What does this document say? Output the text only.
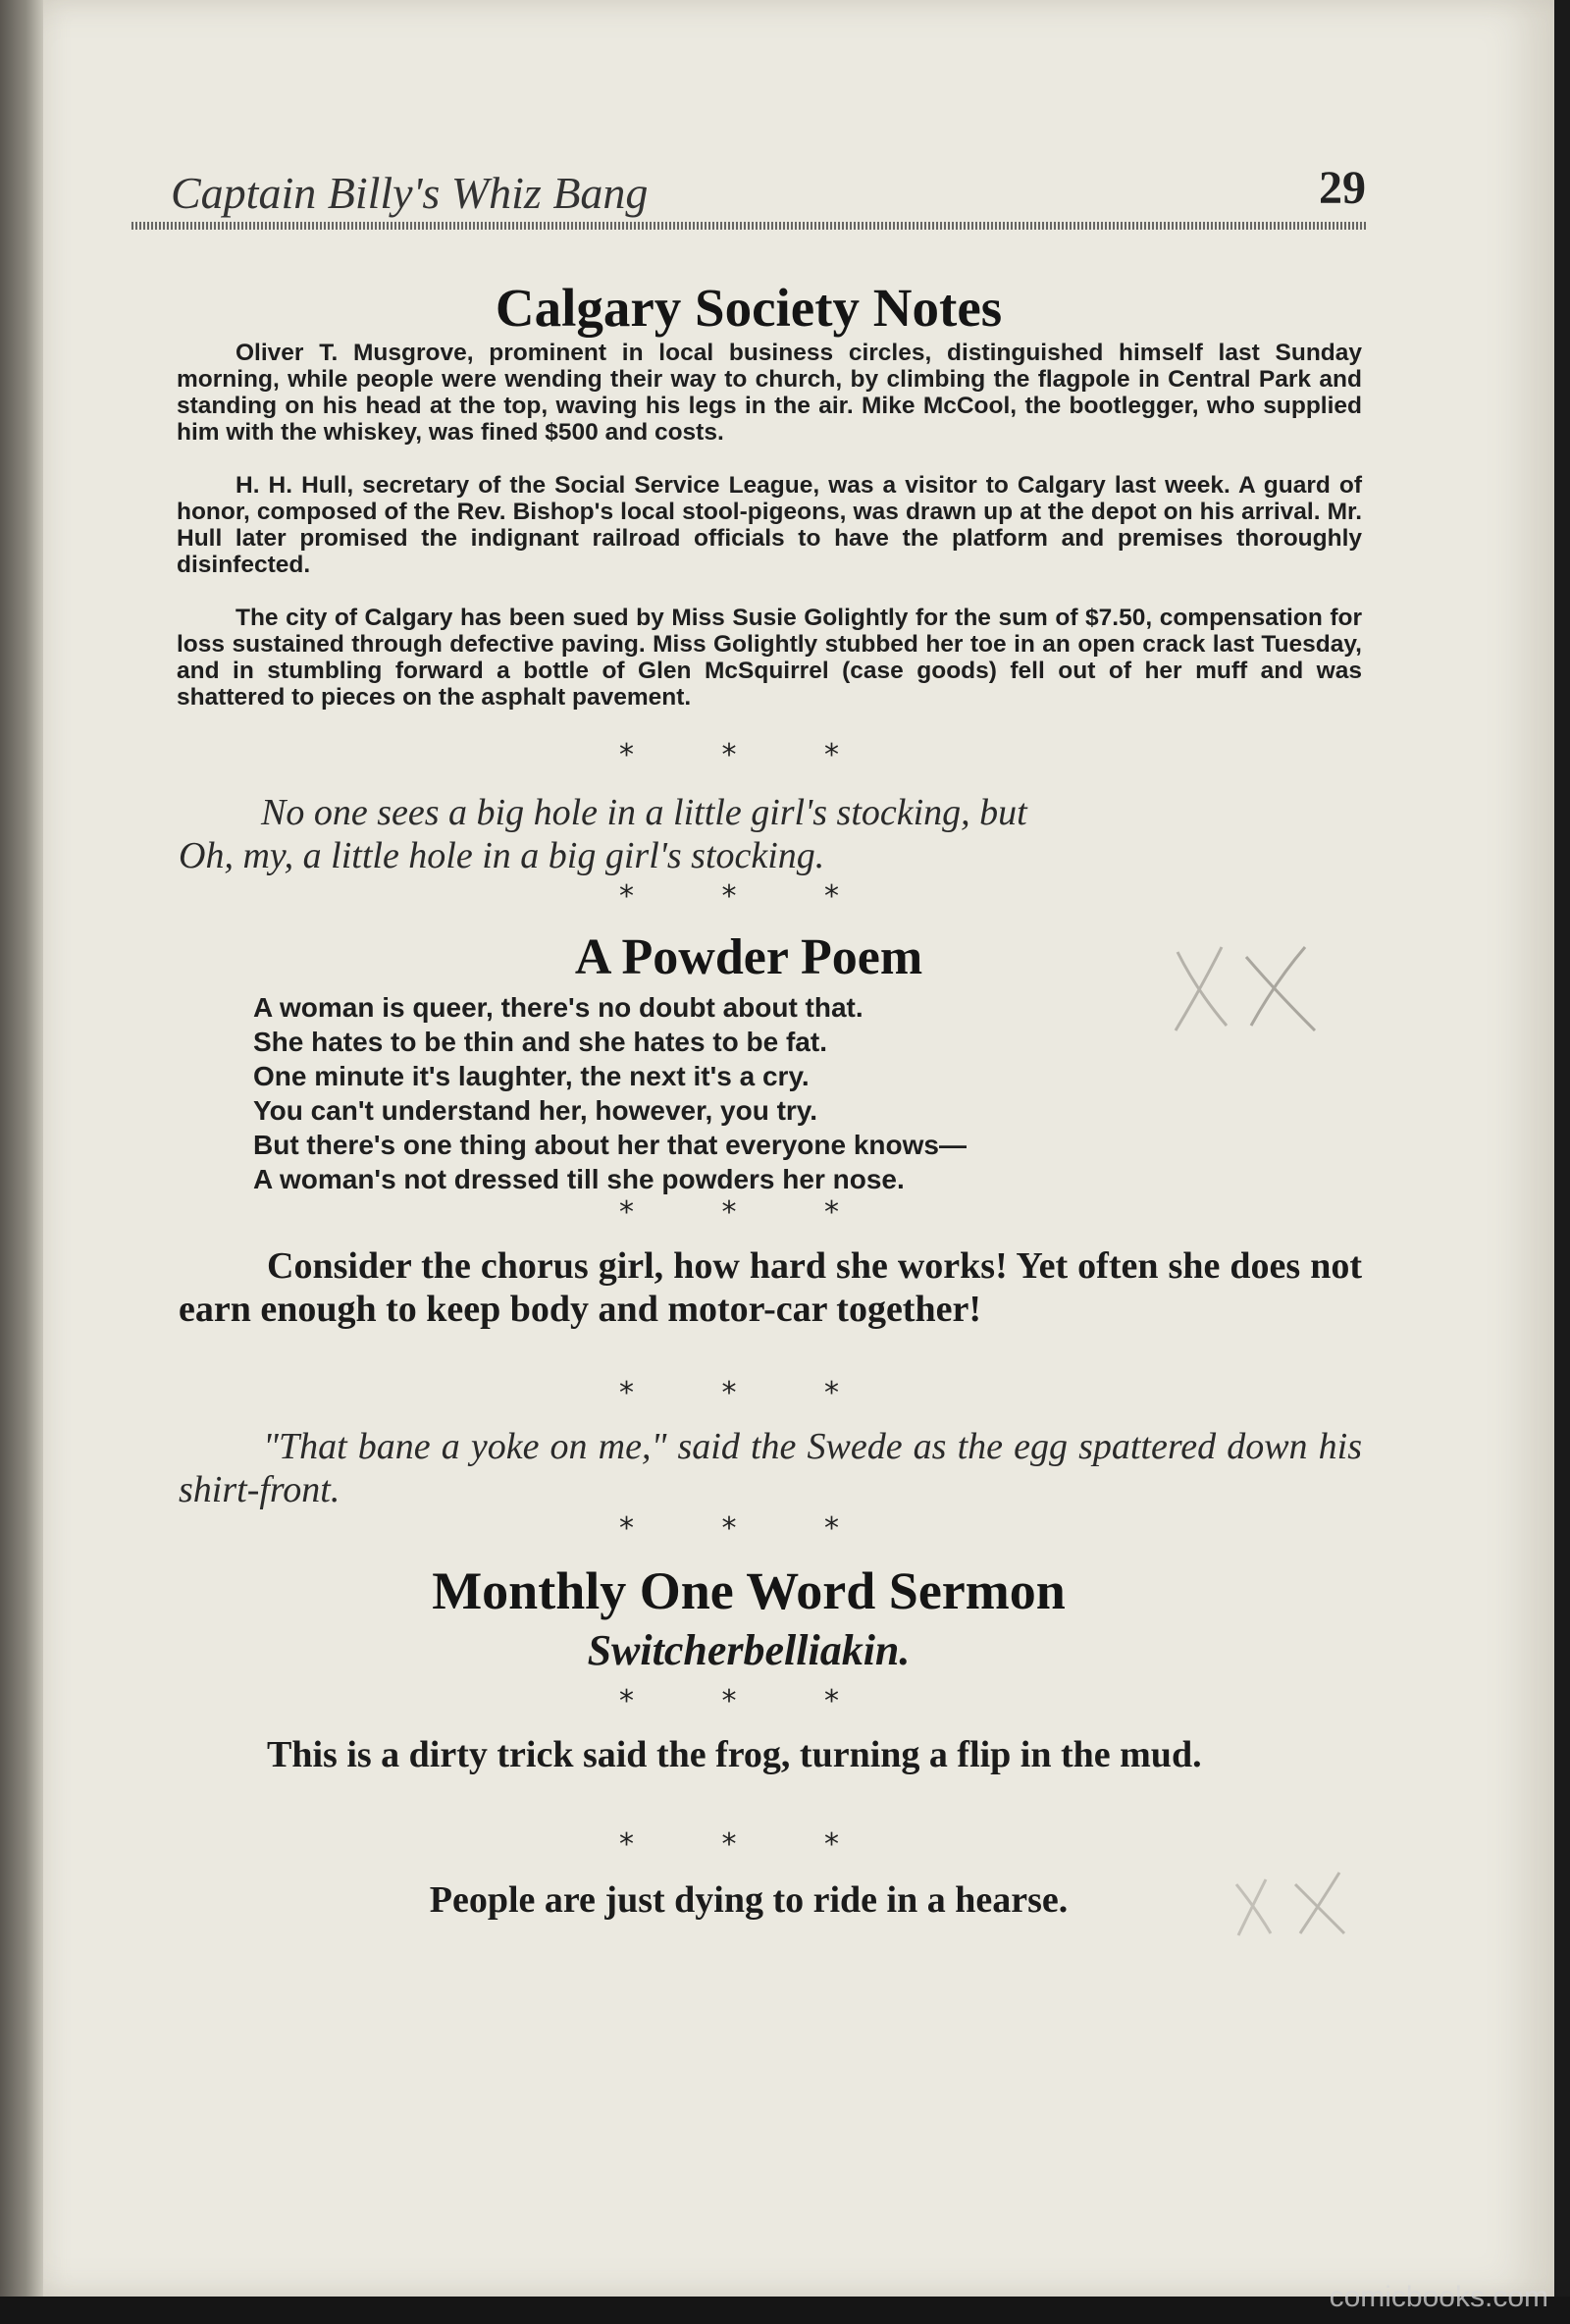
Captain Billy's Whiz Bang	29
Calgary Society Notes
Oliver T. Musgrove, prominent in local business circles, distinguished himself last Sunday morning, while people were wending their way to church, by climbing the flagpole in Central Park and standing on his head at the top, waving his legs in the air. Mike McCool, the bootlegger, who supplied him with the whiskey, was fined $500 and costs.
H. H. Hull, secretary of the Social Service League, was a visitor to Calgary last week. A guard of honor, composed of the Rev. Bishop's local stool-pigeons, was drawn up at the depot on his arrival. Mr. Hull later promised the indignant railroad officials to have the platform and premises thoroughly disinfected.
The city of Calgary has been sued by Miss Susie Golightly for the sum of $7.50, compensation for loss sustained through defective paving. Miss Golightly stubbed her toe in an open crack last Tuesday, and in stumbling forward a bottle of Glen McSquirrel (case goods) fell out of her muff and was shattered to pieces on the asphalt pavement.
* * *
No one sees a big hole in a little girl's stocking, but
Oh, my, a little hole in a big girl's stocking.
* * *
A Powder Poem
A woman is queer, there's no doubt about that.
She hates to be thin and she hates to be fat.
One minute it's laughter, the next it's a cry.
You can't understand her, however, you try.
But there's one thing about her that everyone knows—
A woman's not dressed till she powders her nose.
* * *
Consider the chorus girl, how hard she works! Yet often she does not earn enough to keep body and motor-car together!
* * *
"That bane a yoke on me," said the Swede as the egg spattered down his shirt-front.
* * *
Monthly One Word Sermon
Switcherbelliakin.
* * *
This is a dirty trick said the frog, turning a flip in the mud.
* * *
People are just dying to ride in a hearse.
comicbooks.com
